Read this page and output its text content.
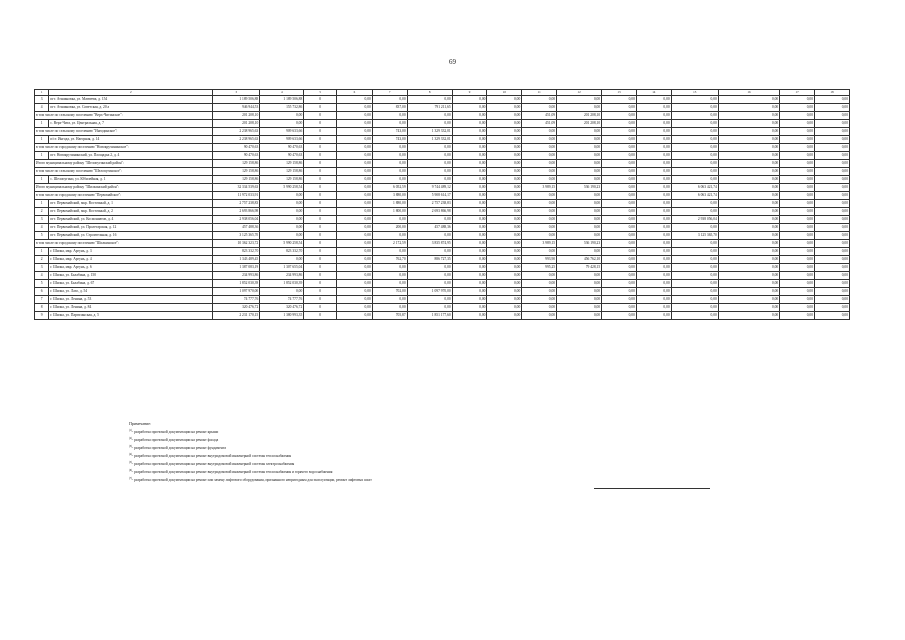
69
1	2	3	4	5	6	7	8	9	10	11	12	13	14	15	16	17	18
3	пгт. Атамановка, ул. Матвеева, д. 154	1 189 506,88	1 189 506,88	0	0,00	0,00	0,00	0,00	0,00	0,00	0,00	0,00	0,00	0,00	0,00	0,00	0,00
4	пгт. Атамановка, ул. Советская, д. 20 а	946 944,53	155 732,86	0	0,00	837,00	791 211,65	0,00	0,00	0,00	0,00	0,00	0,00	0,00	0,00	0,00	0,00
в том числе по сельскому поселению "Верх-Читинское":		201 208,10	0,00	0	0,00	0,00	0,00	0,00	0,00	451,09	201 208,10	0,00	0,00	0,00	0,00	0,00	0,00
1	с. Верх-Чита, ул. Центральная, д. 7	201 208,10	0,00	0	0,00	0,00	0,00	0,00	0,00	451,09	201 208,10	0,00	0,00	0,00	0,00	0,00	0,00
в том числе по сельскому поселению "Ингодинское":		2 238 965,63	909 633,66	0	0,00	743,00	1 329 332,01	0,00	0,00	0,00	0,00	0,00	0,00	0,00	0,00	0,00	0,00
1	п/ст. Ингода, ул. Нагорная, д. 14	2 238 965,63	909 633,66	0	0,00	743,00	1 329 332,01	0,00	0,00	0,00	0,00	0,00	0,00	0,00	0,00	0,00	0,00
в том числе по городскому поселению "Новокручининское":		90 470,63	90 470,63	0	0,00	0,00	0,00	0,00	0,00	0,00	0,00	0,00	0,00	0,00	0,00	0,00	0,00
1	пгт. Новокручининский, ул. Площадка 2, д. 4	90 470,63	90 470,63	0	0,00	0,00	0,00	0,00	0,00	0,00	0,00	0,00	0,00	0,00	0,00	0,00	0,00
Итого муниципальному району "Шелопугинский район":		129 158,86	129 158,86	0	0,00	0,00	0,00	0,00	0,00	0,00	0,00	0,00	0,00	0,00	0,00	0,00	0,00
в том числе по сельскому поселению "Шелопугинское":		129 158,86	129 158,86	0	0,00	0,00	0,00	0,00	0,00	0,00	0,00	0,00	0,00	0,00	0,00	0,00	0,00
1	с. Шелопугино, ул. Юбилейная, д. 1	129 158,86	129 158,86	0	0,00	0,00	0,00	0,00	0,00	0,00	0,00	0,00	0,00	0,00	0,00	0,00	0,00
Итого муниципальному району "Шилкинский район":		32 334 539,63	5 990 258,54	0	0,00	6 052,59	9 744 489,12	0,00	0,00	3 989,15	536 190,23	0,00	0,00	6 063 421,74	0,00	0,00	0,00
в том числе по городскому поселению "Первомайское":		11 972 033,91	0,00	0	0,00	3 880,00	5 908 614,17	0,00	0,00	0,00	0,00	0,00	0,00	6 063 421,74	0,00	0,00	0,00
1	пгт. Первомайский, мкр. Восточный, д. 1	2 757 238,83	0,00	0	0,00	1 880,00	2 757 238,83	0,00	0,00	0,00	0,00	0,00	0,00	0,00	0,00	0,00	0,00
2	пгт. Первомайский, мкр. Восточный, д. 2	2 693 866,98	0,00	0	0,00	1 800,00	2 693 866,98	0,00	0,00	0,00	0,00	0,00	0,00	0,00	0,00	0,00	0,00
3	пгт. Первомайский, ул. Космонавтов, д. 4	2 938 056,04	0,00	0	0,00	0,00	0,00	0,00	0,00	0,00	0,00	0,00	0,00	2 938 056,04	0,00	0,00	0,00
4	пгт. Первомайский, ул. Пролетарская, д. 12	457 488,36	0,00	0	0,00	200,00	457 488,36	0,00	0,00	0,00	0,00	0,00	0,00	0,00	0,00	0,00	0,00
5	пгт. Первомайский, ул. Строительная, д. 16	3 125 365,70	0,00	0	0,00	0,00	0,00	0,00	0,00	0,00	0,00	0,00	0,00	3 125 365,70	0,00	0,00	0,00
в том числе по городскому поселению "Шилкинское":		10 362 323,72	5 990 258,54	0	0,00	2 172,59	3 835 874,95	0,00	0,00	3 989,15	536 190,23	0,00	0,00	0,00	0,00	0,00	0,00
1	г. Шилка, мкр. Аргунь, д. 3	823 332,70	823 332,70	0	0,00	0,00	0,00	0,00	0,00	0,00	0,00	0,00	0,00	0,00	0,00	0,00	0,00
2	г. Шилка, мкр. Аргунь, д. 4	1 343 489,45	0,00	0	0,00	762,70	886 727,35	0,00	0,00	993,90	456 762,10	0,00	0,00	0,00	0,00	0,00	0,00
3	г. Шилка, мкр. Аргунь, д. 6	1 387 083,19	1 307 655,04	0	0,00	0,00	0,00	0,00	0,00	995,25	79 428,15	0,00	0,00	0,00	0,00	0,00	0,00
4	г. Шилка, ул. Балабина, д. 150	234 993,86	234 993,86	0	0,00	0,00	0,00	0,00	0,00	0,00	0,00	0,00	0,00	0,00	0,00	0,00	0,00
5	г. Шилка, ул. Балабина, д. 67	1 852 030,39	1 852 030,39	0	0,00	0,00	0,00	0,00	0,00	0,00	0,00	0,00	0,00	0,00	0,00	0,00	0,00
6	г. Шилка, ул. Лазо, д. 54	1 097 970,00	0,00	0	0,00	702,00	1 097 970,00	0,00	0,00	0,00	0,00	0,00	0,00	0,00	0,00	0,00	0,00
7	г. Шилка, ул. Ленина, д. 53	74 777,76	74 777,76	0	0,00	0,00	0,00	0,00	0,00	0,00	0,00	0,00	0,00	0,00	0,00	0,00	0,00
8	г. Шилка, ул. Ленина, д. 84	320 476,72	320 476,72	0	0,00	0,00	0,00	0,00	0,00	0,00	0,00	0,00	0,00	0,00	0,00	0,00	0,00
9	г. Шилка, ул. Партизанская, д. 5	2 231 170,15	1 380 993,35	0	0,00	705,87	1 851 177,60	0,00	0,00	0,00	0,00	0,00	0,00	0,00	0,00	0,00	0,00
Примечание:
$^{(1)}$- разработка проектной документации на ремонт крыши
$^{(2)}$- разработка проектной документации на ремонт фасада
$^{(3)}$- разработка проектной документации на ремонт фундамента
$^{(4)}$- разработка проектной документации на ремонт внутридомовой инженерной системы теплоснабжения
$^{(5)}$- разработка проектной документации на ремонт внутридомовой инженерной системы электроснабжения
$^{(6)}$- разработка проектной документации на ремонт внутридомовой инженерной системы теплоснабжения и горячего водоснабжения
$^{(7)}$- разработка проектной документации на ремонт или замену лифтового оборудования, признанного непригодным для эксплуатации, ремонт лифтовых шахт
